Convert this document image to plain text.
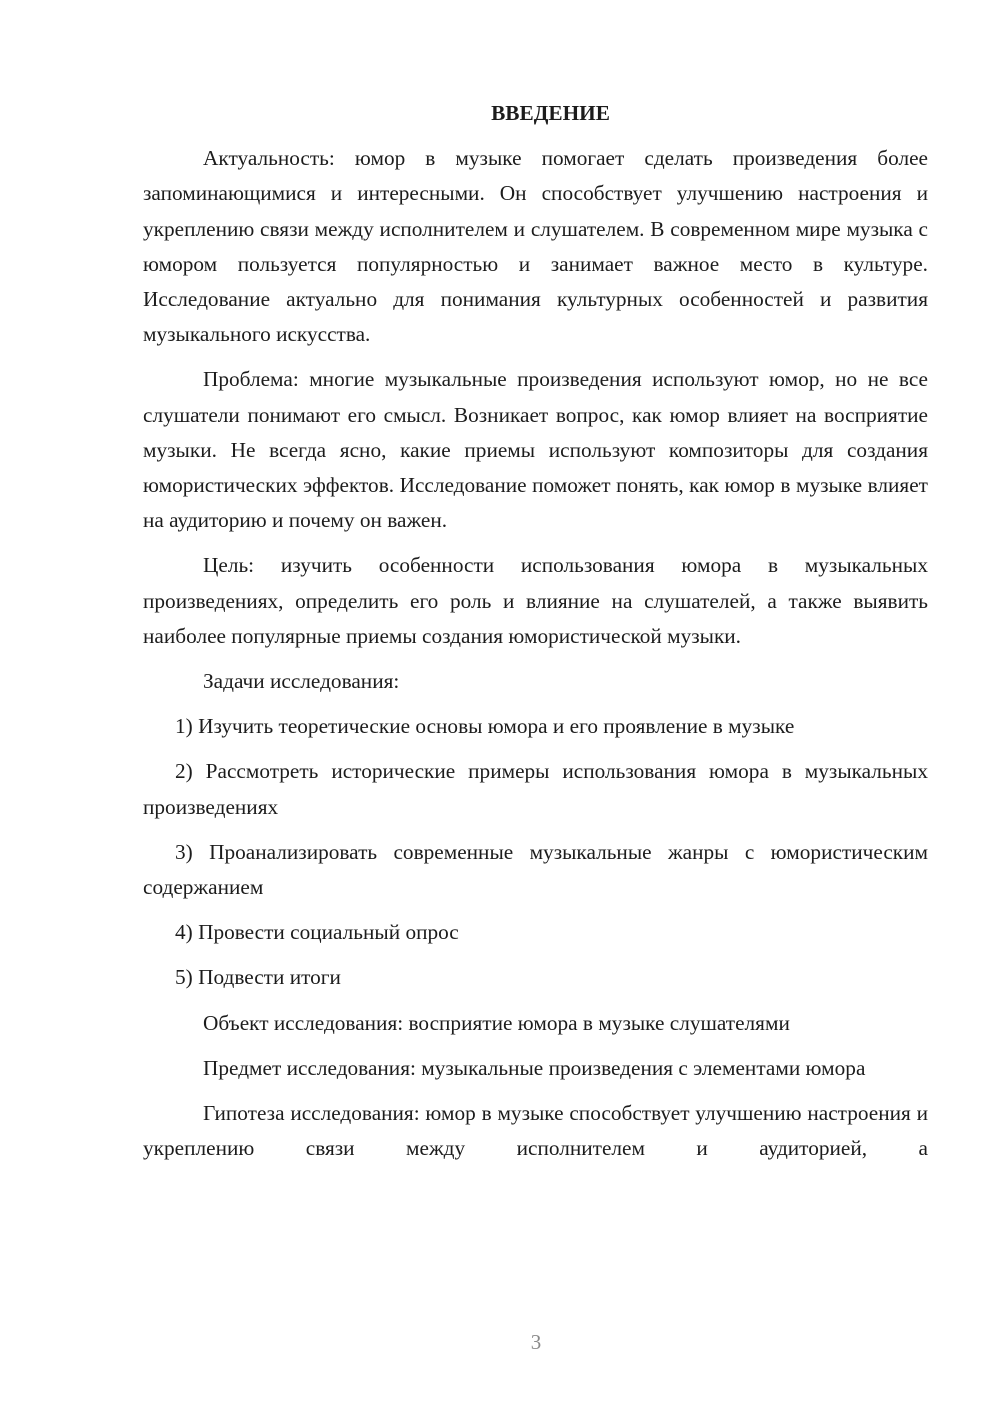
ВВЕДЕНИЕ

Актуальность: юмор в музыке помогает сделать произведения более запоминающимися и интересными. Он способствует улучшению настроения и укреплению связи между исполнителем и слушателем. В современном мире музыка с юмором пользуется популярностью и занимает важное место в культуре. Исследование актуально для понимания культурных особенностей и развития музыкального искусства.

Проблема: многие музыкальные произведения используют юмор, но не все слушатели понимают его смысл. Возникает вопрос, как юмор влияет на восприятие музыки. Не всегда ясно, какие приемы используют композиторы для создания юмористических эффектов. Исследование поможет понять, как юмор в музыке влияет на аудиторию и почему он важен.

Цель: изучить особенности использования юмора в музыкальных произведениях, определить его роль и влияние на слушателей, а также выявить наиболее популярные приемы создания юмористической музыки.

Задачи исследования:

1) Изучить теоретические основы юмора и его проявление в музыке

2) Рассмотреть исторические примеры использования юмора в музыкальных произведениях

3) Проанализировать современные музыкальные жанры с юмористическим содержанием

4) Провести социальный опрос

5) Подвести итоги

Объект исследования: восприятие юмора в музыке слушателями

Предмет исследования: музыкальные произведения с элементами юмора

Гипотеза исследования: юмор в музыке способствует улучшению настроения и укреплению связи между исполнителем и аудиторией, а

3
